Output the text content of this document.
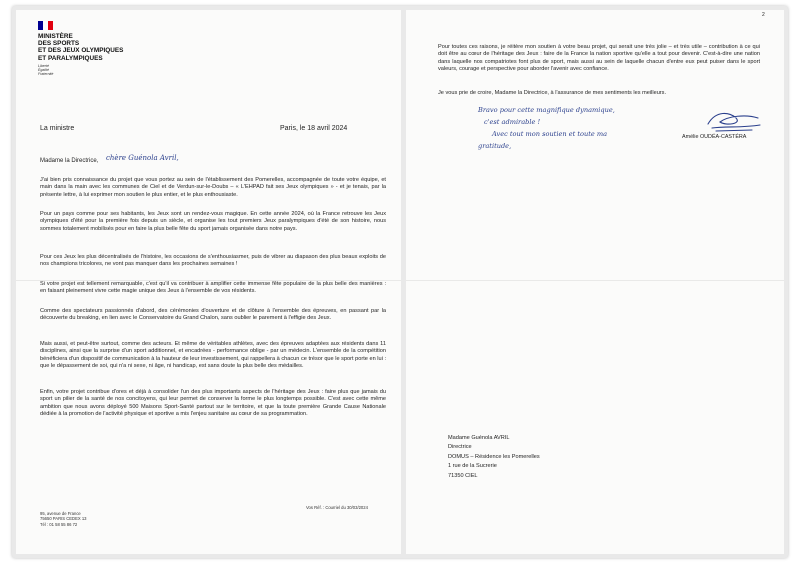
MINISTÈRE
DES SPORTS
ET DES JEUX OLYMPIQUES
ET PARALYMPIQUES
Liberté
Égalité
Fraternité
La ministre	Paris, le 18 avril 2024
Madame la Directrice, chère Guénola Avril,
J'ai bien pris connaissance du projet que vous portez au sein de l'établissement des Pomerelles, accompagnée de toute votre équipe, et main dans la main avec les communes de Ciel et de Verdun-sur-le-Doubs – « L'EHPAD fait ses Jeux olympiques » - et je tenais, par la présente lettre, à lui exprimer mon soutien le plus entier, et le plus enthousiaste.
Pour un pays comme pour ses habitants, les Jeux sont un rendez-vous magique. En cette année 2024, où la France retrouve les Jeux olympiques d'été pour la première fois depuis un siècle, et organise les tout premiers Jeux paralympiques d'été de son histoire, nous sommes totalement mobilisés pour en faire la plus belle fête du sport jamais organisée dans notre pays.
Pour ces Jeux les plus décentralisés de l'histoire, les occasions de s'enthousiasmer, puis de vibrer au diapason des plus beaux exploits de nos champions tricolores, ne vont pas manquer dans les prochaines semaines !
Si votre projet est tellement remarquable, c'est qu'il va contribuer à amplifier cette immense fête populaire de la plus belle des manières : en faisant pleinement vivre cette magie unique des Jeux à l'ensemble de vos résidents.
Comme des spectateurs passionnés d'abord, des cérémonies d'ouverture et de clôture à l'ensemble des épreuves, en passant par la découverte du breaking, en lien avec le Conservatoire du Grand Chalon, sans oublier le parement à l'effigie des Jeux.
Mais aussi, et peut-être surtout, comme des acteurs. Et même de véritables athlètes, avec des épreuves adaptées aux résidents dans 11 disciplines, ainsi que la surprise d'un sport additionnel, et encadrées - performance oblige - par un médecin. L'ensemble de la compétition bénéficiera d'un dispositif de communication à la hauteur de leur investissement, qui rappellera à chacun ce trésor que le sport porte en lui : que le dépassement de soi, qui n'a ni sexe, ni âge, ni handicap, est sans doute la plus belle des médailles.
Enfin, votre projet contribue d'ores et déjà à consolider l'un des plus importants aspects de l'héritage des Jeux : faire plus que jamais du sport un pilier de la santé de nos concitoyens, qui leur permet de conserver la forme le plus longtemps possible. C'est avec cette même ambition que nous avons déployé 500 Maisons Sport-Santé partout sur le territoire, et que la toute première Grande Cause Nationale dédiée à la promotion de l'activité physique et sportive a mis l'enjeu sanitaire au cœur de sa programmation.
95, avenue de France
75650 PARIS CEDEX 13
Tél : 01 58 55 86 72
Vos Réf. : Courriel du 30/03/2024
2
Pour toutes ces raisons, je réitère mon soutien à votre beau projet, qui serait une très jolie – et très utile – contribution à ce qui doit être au cœur de l'héritage des Jeux : faire de la France la nation sportive qu'elle a tout pour devenir. C'est-à-dire une nation dans laquelle nos compatriotes font plus de sport, mais aussi au sein de laquelle chacun d'entre eux peut puiser dans le sport valeurs, courage et perspective pour aborder l'avenir avec confiance.
Je vous prie de croire, Madame la Directrice, à l'assurance de mes sentiments les meilleurs.
Bravo pour cette magnifique dynamique,
c'est admirable !
Avec tout mon soutien et toute ma
gratitude,
Amélie OUDÉA-CASTÉRA
Madame Guénola AVRIL
Directrice
DOMUS – Résidence les Pomerelles
1 rue de la Sucrerie
71350 CIEL
